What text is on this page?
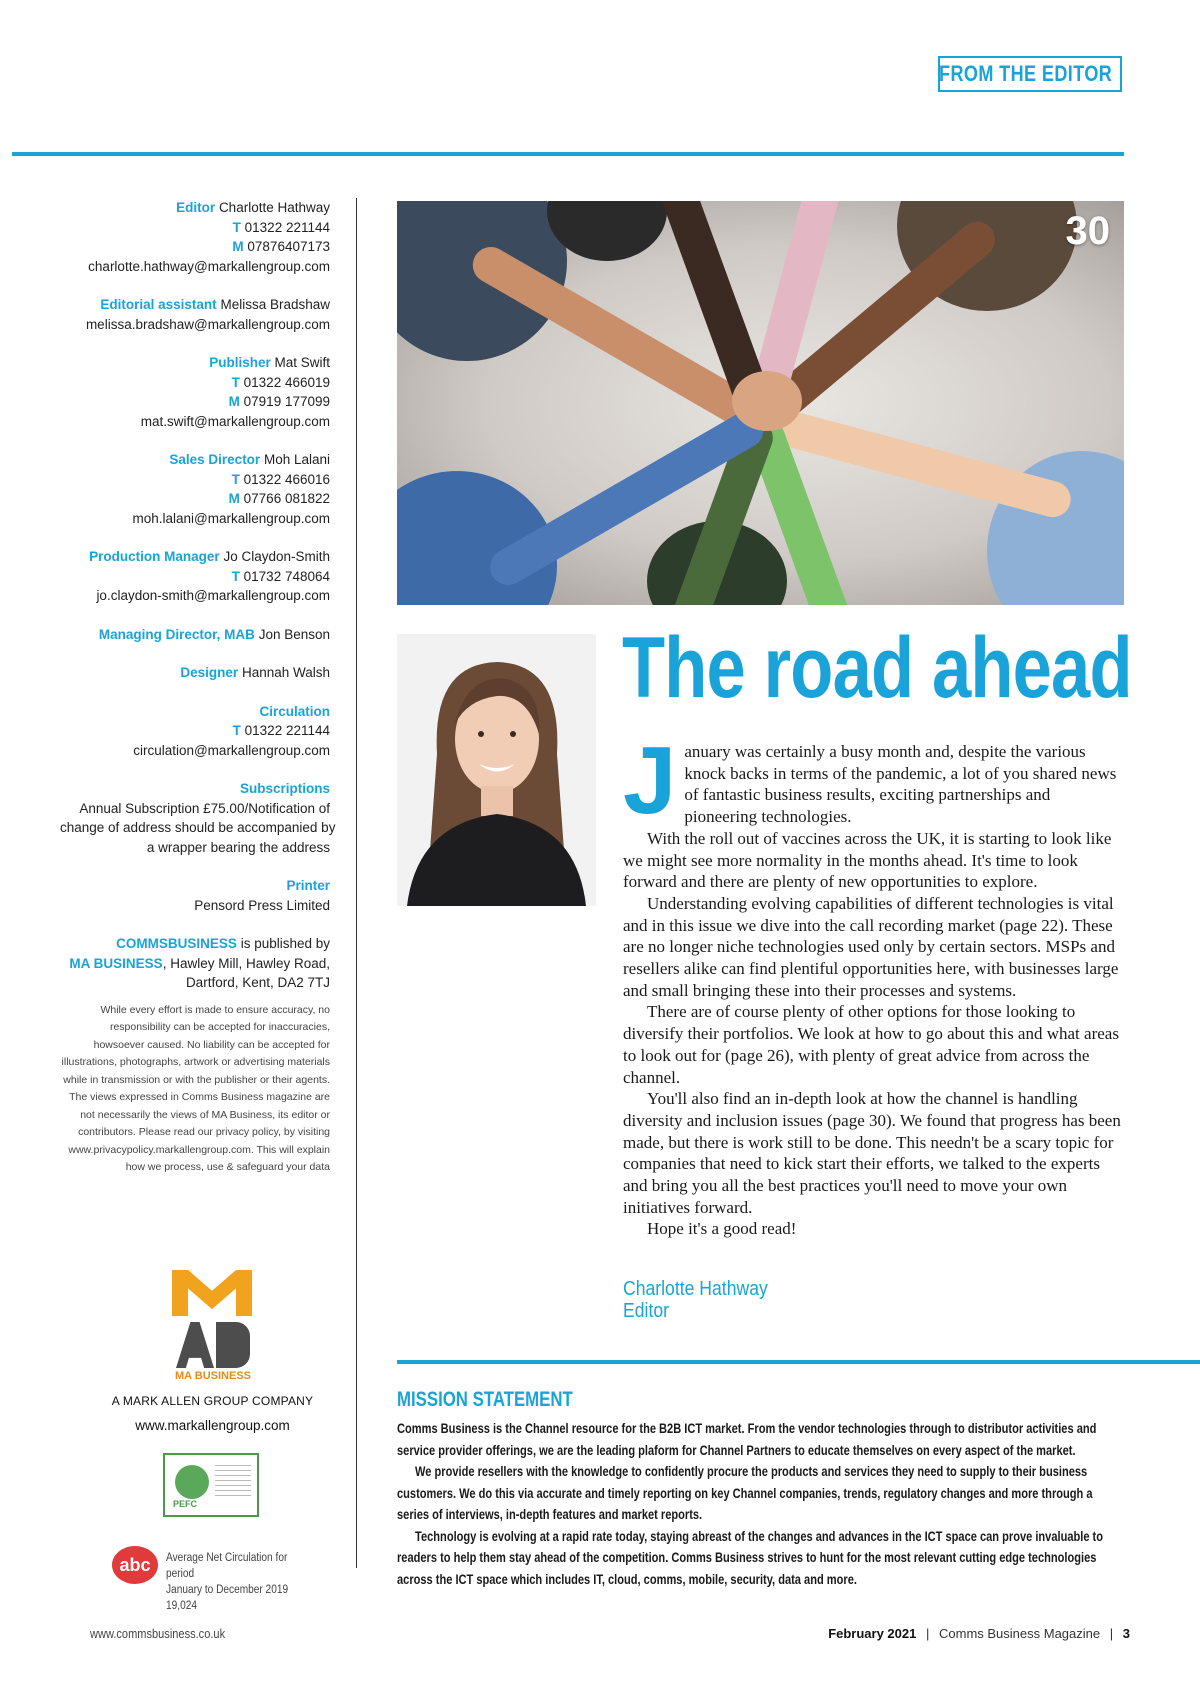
FROM THE EDITOR
Editor Charlotte Hathway
T 01322 221144
M 07876407173
charlotte.hathway@markallengroup.com
Editorial assistant Melissa Bradshaw
melissa.bradshaw@markallengroup.com
Publisher Mat Swift
T 01322 466019
M 07919 177099
mat.swift@markallengroup.com
Sales Director Moh Lalani
T 01322 466016
M 07766 081822
moh.lalani@markallengroup.com
Production Manager Jo Claydon-Smith
T 01732 748064
jo.claydon-smith@markallengroup.com
Managing Director, MAB Jon Benson
Designer Hannah Walsh
Circulation
T 01322 221144
circulation@markallengroup.com
Subscriptions
Annual Subscription £75.00/Notification of
change of address should be accompanied by
a wrapper bearing the address
Printer
Pensord Press Limited
COMMSBUSINESS is published by
MA BUSINESS, Hawley Mill, Hawley Road,
Dartford, Kent, DA2 7TJ
While every effort is made to ensure accuracy, no
responsibility can be accepted for inaccuracies,
howsoever caused. No liability can be accepted for
illustrations, photographs, artwork or advertising materials
while in transmission or with the publisher or their agents.
The views expressed in Comms Business magazine are
not necessarily the views of MA Business, its editor or
contributors. Please read our privacy policy, by visiting
www.privacypolicy.markallengroup.com. This will explain
how we process, use & safeguard your data
30
The road ahead

January was certainly a busy month and, despite the various knock backs in terms of the pandemic, a lot of you shared news of fantastic business results, exciting partnerships and pioneering technologies.

With the roll out of vaccines across the UK, it is starting to look like we might see more normality in the months ahead. It's time to look forward and there are plenty of new opportunities to explore.

Understanding evolving capabilities of different technologies is vital and in this issue we dive into the call recording market (page 22). These are no longer niche technologies used only by certain sectors. MSPs and resellers alike can find plentiful opportunities here, with businesses large and small bringing these into their processes and systems.

There are of course plenty of other options for those looking to diversify their portfolios. We look at how to go about this and what areas to look out for (page 26), with plenty of great advice from across the channel.

You'll also find an in-depth look at how the channel is handling diversity and inclusion issues (page 30). We found that progress has been made, but there is work still to be done. This needn't be a scary topic for companies that need to kick start their efforts, we talked to the experts and bring you all the best practices you'll need to move your own initiatives forward.

Hope it's a good read!

Charlotte Hathway
Editor
MISSION STATEMENT

Comms Business is the Channel resource for the B2B ICT market. From the vendor technologies through to distributor activities and service provider offerings, we are the leading plaform for Channel Partners to educate themselves on every aspect of the market.

We provide resellers with the knowledge to confidently procure the products and services they need to supply to their business customers. We do this via accurate and timely reporting on key Channel companies, trends, regulatory changes and more through a series of interviews, in-depth features and market reports.

Technology is evolving at a rapid rate today, staying abreast of the changes and advances in the ICT space can prove invaluable to readers to help them stay ahead of the competition. Comms Business strives to hunt for the most relevant cutting edge technologies across the ICT space which includes IT, cloud, comms, mobile, security, data and more.

MA BUSINESS
A MARK ALLEN GROUP COMPANY
www.markallengroup.com
PEFC
abc	Average Net Circulation for period
January to December 2019 19,024
www.commsbusiness.co.uk	February 2021 | Comms Business Magazine | 3
